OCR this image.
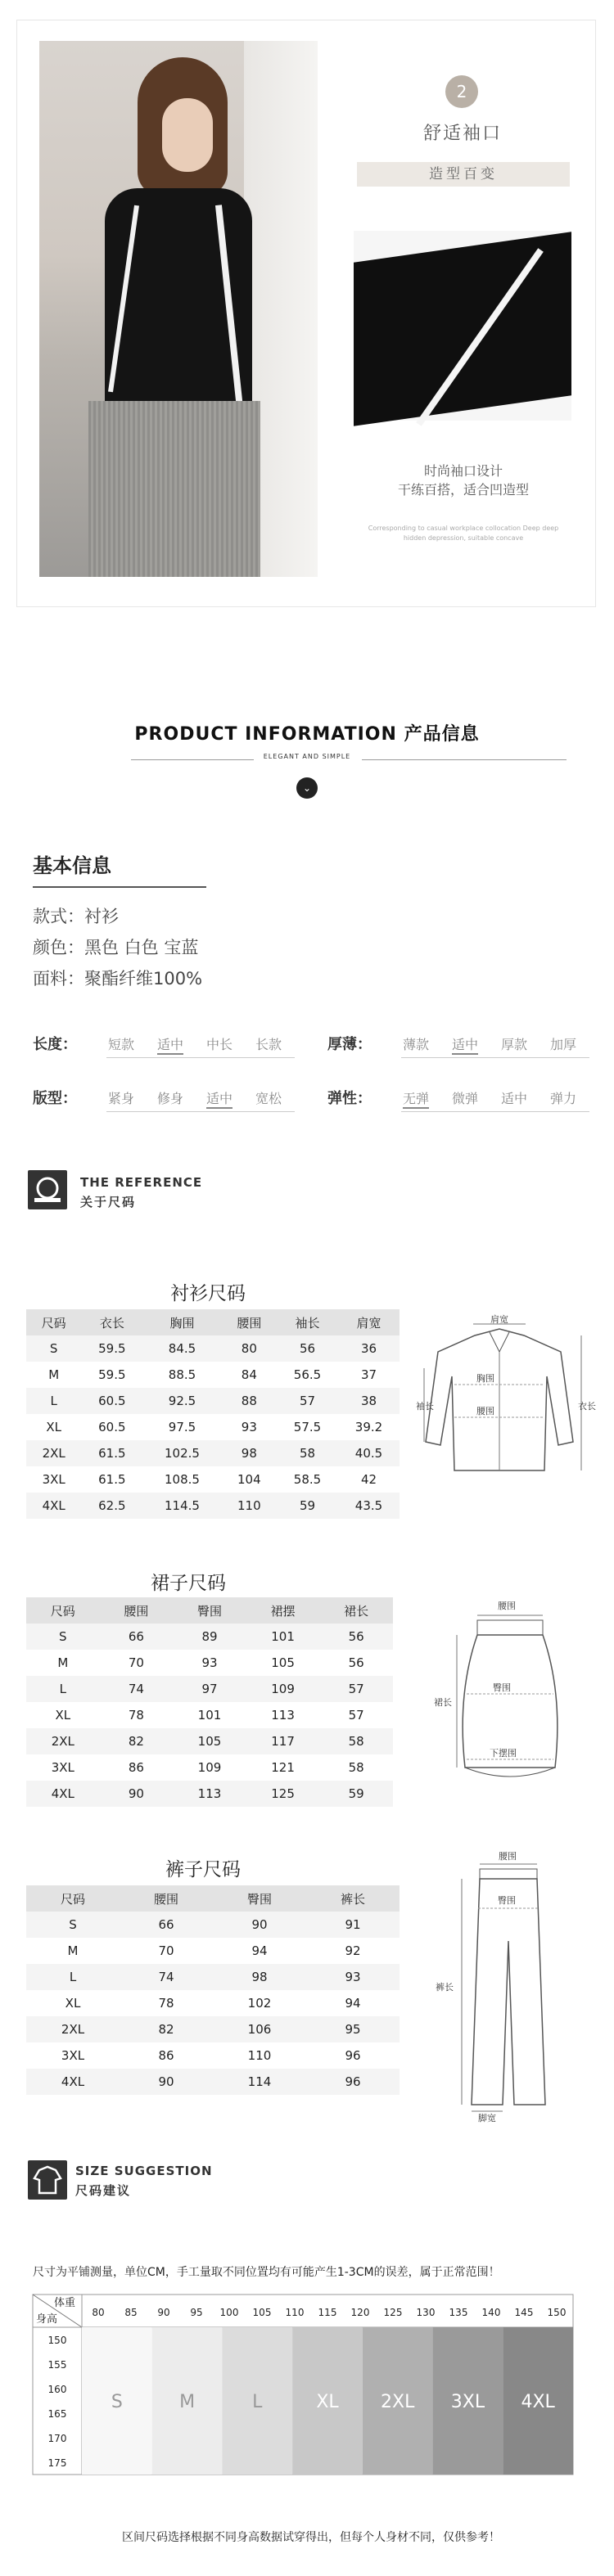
2
舒适袖口
造型百变
时尚袖口设计
干练百搭，适合凹造型
Corresponding to casual workplace collocation Deep deep hidden depression, suitable concave
PRODUCT INFORMATION 产品信息
ELEGANT AND SIMPLE
⌄
基本信息
款式：衬衫
颜色：黑色 白色 宝蓝
面料：聚酯纤维100%
长度： 短款 适中 中长 长款	厚薄： 薄款 适中 厚款 加厚
版型： 紧身 修身 适中 宽松	弹性： 无弹 微弹 适中 弹力
THE REFERENCE
关于尺码
衬衫尺码
尺码	衣长	胸围	腰围	袖长	肩宽
S	59.5	84.5	80	56	36
M	59.5	88.5	84	56.5	37
L	60.5	92.5	88	57	38
XL	60.5	97.5	93	57.5	39.2
2XL	61.5	102.5	98	58	40.5
3XL	61.5	108.5	104	58.5	42
4XL	62.5	114.5	110	59	43.5
肩宽
胸围
腰围
袖长	衣长
裙子尺码
尺码	腰围	臀围	裙摆	裙长
S	66	89	101	56
M	70	93	105	56
L	74	97	109	57
XL	78	101	113	57
2XL	82	105	117	58
3XL	86	109	121	58
4XL	90	113	125	59
腰围
臀围
下摆围
裙长
裤子尺码
尺码	腰围	臀围	裤长
S	66	90	91
M	70	94	92
L	74	98	93
XL	78	102	94
2XL	82	106	95
3XL	86	110	96
4XL	90	114	96
腰围
臀围
裤长
脚宽
SIZE SUGGESTION
尺码建议
尺寸为平铺测量，单位CM，手工量取不同位置均有可能产生1-3CM的误差，属于正常范围！
体重
身高
80 85 90 95 100 105 110 115 120 125 130 135 140 145 150
150
155
160
165
170
175
S	M	L	XL 2XL 3XL 4XL
区间尺码选择根据不同身高数据试穿得出，但每个人身材不同，仅供参考！
